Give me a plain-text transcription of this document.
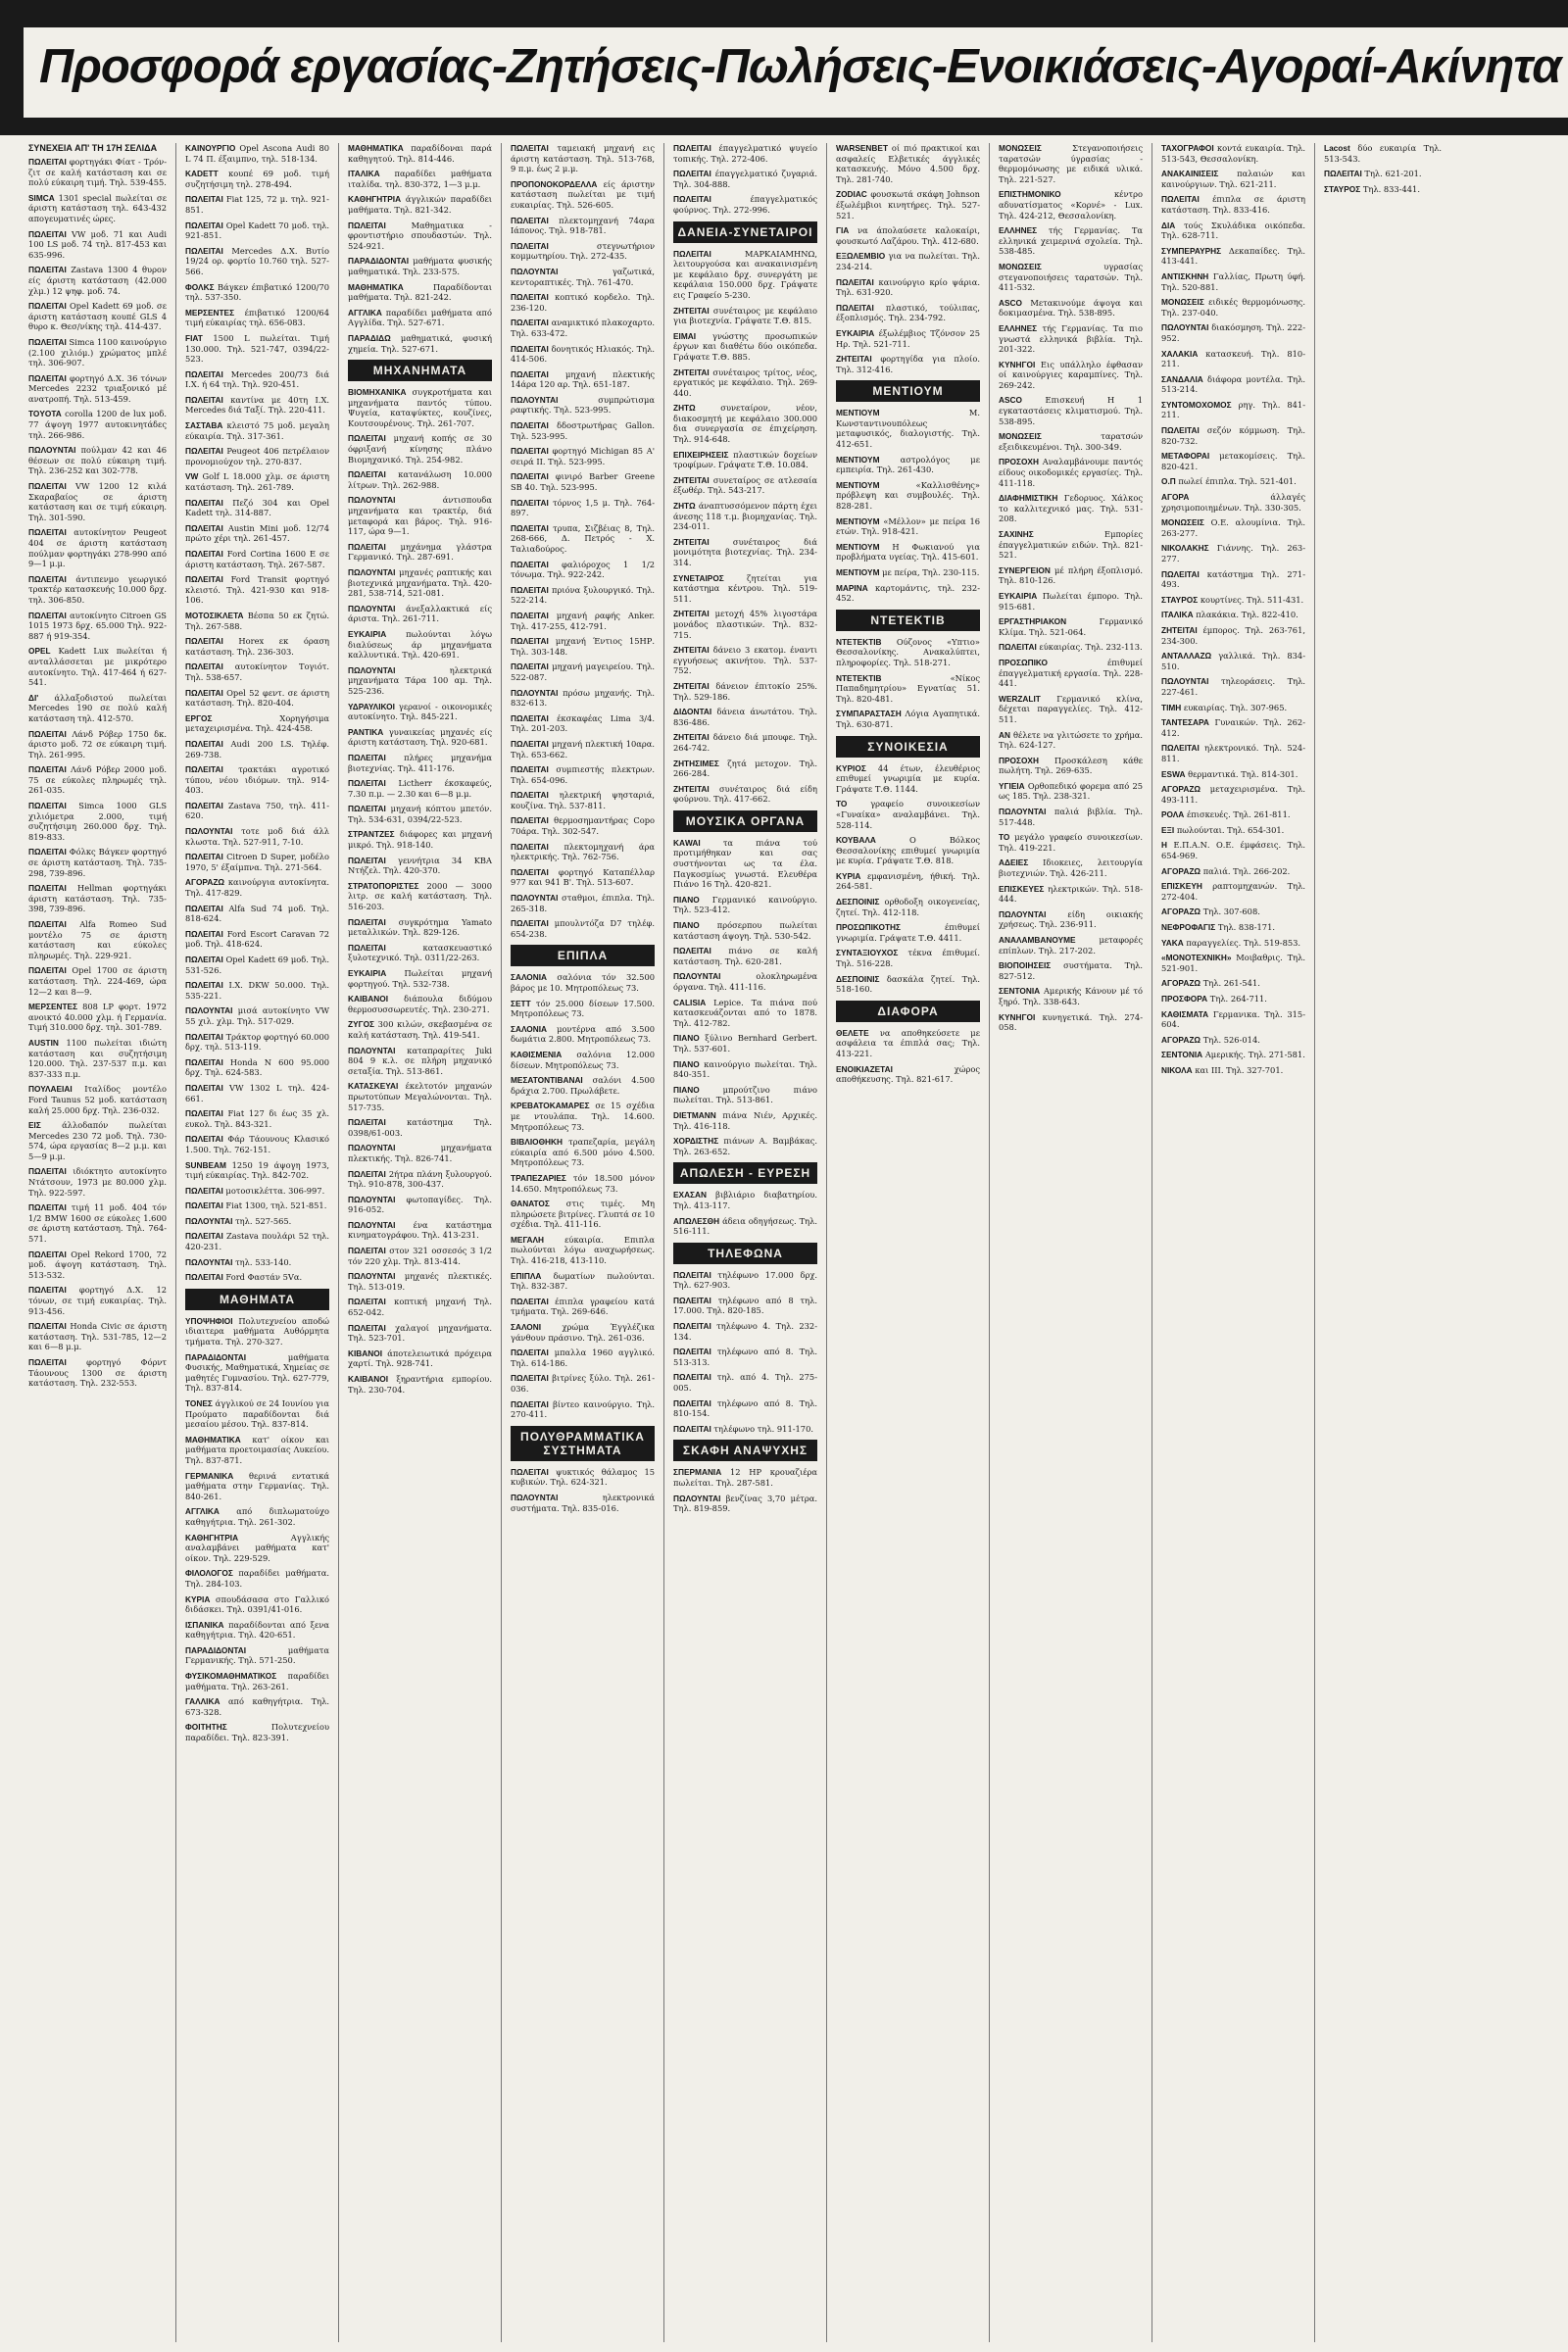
Προσφορά εργασίας-Ζητήσεις-Πωλήσεις-Ενοικιάσεις-Αγοραί-Ακίνητα
ΣΥΝΕΧΕΙΑ ΑΠ' ΤΗ 17Η ΣΕΛΙΔΑ

ΠΩΛΕΙΤΑΙ φορτηγάκι Φίατ - Τρόν-ζιτ σε καλή κατάσταση και σε πολύ εύκαιρη τιμή. Τηλ. 539-455.

SIMCA 1301 special πωλείται σε άριστη κατάσταση τηλ. 643-432 απογευματινές ώρες.

ΠΩΛΕΙΤΑΙ VW μοδ. 71 και Audi 100 LS μοδ. 74 τηλ. 817-453 και 635-996.

ΠΩΛΕΙΤΑΙ Zastava 1300 4 θυρον είς άριστη κατάσταση (42.000 χλμ.) 12 ψηφ. μοδ. 74.

ΠΩΛΕΙΤΑΙ Opel Kadett 69 μοδ. σε άριστη κατάσταση κουπέ GLS 4 θυρο κ. Θεσ/νίκης τηλ. 414-437.

ΠΩΛΕΙΤΑΙ Simca 1100 καινούργιο (2.100 χιλιόμ.) χρώματος μπλέ τηλ. 306-907.

ΠΩΛΕΙΤΑΙ φορτηγό Δ.Χ. 36 τόνων Mercedes 2232 τριαξονικό μέ ανατροπή. Τηλ. 513-459.

TOYOTA corolla 1200 de lux μοδ. 77 άψογη 1977 αυτοκινητάδες τηλ. 266-986.

ΠΩΛΟΥΝΤΑΙ πούλμαν 42 και 46 θέσεων σε πολύ εύκαιρη τιμή. Τηλ. 236-252 και 302-778.

ΠΩΛΕΙΤΑΙ VW 1200 12 κιλά Σκαραβαίος σε άριστη κατάσταση και σε τιμή εύκαιρη. Τηλ. 301-590.

ΠΩΛΕΙΤΑΙ αυτοκίνητον Peugeot 404 σε άριστη κατάσταση πούλμαν φορτηγάκι 278-990 από 9—1 μ.μ.

ΠΩΛΕΙΤΑΙ άντιπενμο γεωργικό τρακτέρ κατασκευής 10.000 δρχ. τηλ. 306-850.

ΠΩΛΕΙΤΑΙ αυτοκίνητο Citroen GS 1015 1973 δρχ. 65.000 Τηλ. 922-887 ή 919-354.

OPEL Kadett Lux πωλείται ή ανταλλάσσεται με μικρότερο αυτοκίνητο. Τηλ. 417-464 ή 627-541.

ΔΙ' άλλαξοδιστού πωλείται Mercedes 190 σε πολύ καλή κατάσταση τηλ. 412-570.

ΠΩΛΕΙΤΑΙ Λάνδ Ρόβερ 1750 δκ. άριστο μοδ. 72 σε εύκαιρη τιμή. Τηλ. 261-995.

ΠΩΛΕΙΤΑΙ Λάνδ Ρόβερ 2000 μοδ. 75 σε εύκολες πληρωμές τηλ. 261-035.

ΠΩΛΕΙΤΑΙ Simca 1000 GLS χιλιόμετρα 2.000, τιμή συζητήσιμη 260.000 δρχ. Τηλ. 819-833.

ΠΩΛΕΙΤΑΙ Φόλκς Βάγκεν φορτηγό σε άριστη κατάσταση. Τηλ. 735-298, 739-896.

ΠΩΛΕΙΤΑΙ Hellman φορτηγάκι άριστη κατάσταση. Τηλ. 735-398, 739-896.

ΠΩΛΕΙΤΑΙ Alfa Romeo Sud μοντέλο 75 σε άριστη κατάσταση και εύκολες πληρωμές. Τηλ. 229-921.

ΠΩΛΕΙΤΑΙ Opel 1700 σε άριστη κατάσταση. Τηλ. 224-469, ώρα 12—2 και 8—9.

ΜΕΡΣΕΝΤΕΣ 808 LP φορτ. 1972 ανοικτό 40.000 χλμ. ή Γερμανία. Τιμή 310.000 δρχ. τηλ. 301-789.

AUSTIN 1100 πωλείται ιδιώτη κατάσταση και συζητήσιμη 120.000. Τηλ. 237-537 π.μ. και 837-333 π.μ.

ΠΟΥΛΑΕΙΑΙ Ιταλίδος μοντέλο Ford Taunus 52 μοδ. κατάσταση καλή 25.000 δρχ. Τηλ. 236-032.

ΕΙΣ	άλλοδαπόν πωλείται Mercedes 230 72 μοδ. Τηλ. 730-574, ώρα εργασίας 8—2 μ.μ. και 5—9 μ.μ.

ΠΩΛΕΙΤΑΙ ιδιόκτητο αυτοκίνητο Ντάτσουν, 1973 με 80.000 χλμ. Τηλ. 922-597.

ΠΩΛΕΙΤΑΙ τιμή 11 μοδ. 404 τόν 1/2 BMW 1600 σε εύκολες 1.600 σε άριστη κατάσταση. Τηλ. 764-571.

ΠΩΛΕΙΤΑΙ Opel Rekord 1700, 72 μοδ. άψογη κατάσταση. Τηλ. 513-532.

ΠΩΛΕΙΤΑΙ φορτηγό Δ.Χ. 12 τόνων, σε τιμή ευκαιρίας. Τηλ. 913-456.

ΠΩΛΕΙΤΑΙ Honda Civic σε άριστη κατάσταση. Τηλ. 531-785, 12—2 και 6—8 μ.μ.

ΠΩΛΕΙΤΑΙ φορτηγό Φόρντ Τάουνους 1300 σε άριστη κατάσταση. Τηλ. 232-553.

ΚΑΙΝΟΥΡΓΙΟ Opel Ascona Audi 80 L 74 Π. έξαιμπνο, τηλ. 518-134.

KADETT κουπέ 69 μοδ. τιμή συζητήσιμη τηλ. 278-494.

ΠΩΛΕΙΤΑΙ Fiat 125, 72 μ. τηλ. 921-851.

ΠΩΛΕΙΤΑΙ Opel Kadett 70 μοδ. τηλ. 921-851.

ΠΩΛΕΙΤΑΙ Mercedes Δ.Χ. Βυτίο 19/24 ορ. φορτίο 10.760 τηλ. 527-566.

ΦΟΛΚΣ Βάγκεν έπιβατικό 1200/70 τηλ. 537-350.

ΜΕΡΣΕΝΤΕΣ έπιβατικό 1200/64 τιμή εύκαιρίας τηλ. 656-083.

FIAT 1500 L πωλείται. Τιμή 130.000. Τηλ. 521-747, 0394/22-523.

ΠΩΛΕΙΤΑΙ Mercedes 200/73 διά Ι.Χ. ή 64 τηλ. Τηλ. 920-451.

ΠΩΛΕΙΤΑΙ καντίνα με 40τη Ι.Χ. Mercedes διά Ταξί. Τηλ. 220-411.

ΣΑΣΤΑΒΑ κλειστό 75 μοδ. μεγαλη εύκαιρία. Τηλ. 317-361.

ΠΩΛΕΙΤΑΙ Peugeot 406 πετρέλαιον προνομιούχον τηλ. 270-837.

VW Golf L 18.000 χλμ. σε άριστη κατάσταση. Τηλ. 261-789.

ΠΩΛΕΙΤΑΙ Πεζό 304 και Opel Kadett τηλ. 314-887.

ΠΩΛΕΙΤΑΙ Austin Mini μοδ. 12/74 πρώτο χέρι τηλ. 261-457.

ΠΩΛΕΙΤΑΙ Ford Cortina 1600 E σε άριστη κατάσταση. Τηλ. 267-587.

ΠΩΛΕΙΤΑΙ Ford Transit φορτηγό κλειστό. Τηλ. 421-930 και 918-106.

ΜΟΤΟΣΙΚΛΕΤΑ Βέσπα 50 εκ ζητώ. Τηλ. 267-588.

ΠΩΛΕΙΤΑΙ Horex εκ όραση κατάσταση. Τηλ. 236-303.

ΠΩΛΕΙΤΑΙ αυτοκίνητον Τογιότ. Τηλ. 538-657.

ΠΩΛΕΙΤΑΙ Opel 52 φεντ. σε άριστη κατάσταση. Τηλ. 820-404.

ΕΡΓΟΣ	Χορηγήσιμα μεταχειρισμένα. Τηλ. 424-458.

ΠΩΛΕΙΤΑΙ Audi 200 LS. Τηλέφ. 269-738.

ΠΩΛΕΙΤΑΙ τρακτάκι αγροτικό τύπου, νέου ιδιόμων. τηλ. 914-403.

ΠΩΛΕΙΤΑΙ Zastava 750, τηλ. 411-620.

ΠΩΛΟΥΝΤΑΙ τοτε μοδ διά άλλ κλωστα. Τηλ. 527-911, 7-10.

ΠΩΛΕΙΤΑΙ Citroen D Super, μοδέλο 1970, 5' έξαίμπνα. Τηλ. 271-564.

ΑΓΟΡΑΖΩ καινούργια αυτοκίνητα. Τηλ. 417-829.

ΠΩΛΕΙΤΑΙ Alfa Sud 74 μοδ. Τηλ. 818-624.

ΠΩΛΕΙΤΑΙ Ford Escort Caravan 72 μοδ. Τηλ. 418-624.

ΠΩΛΕΙΤΑΙ Opel Kadett 69 μοδ. Τηλ. 531-526.

ΠΩΛΕΙΤΑΙ Ι.Χ. DKW 50.000. Τηλ. 535-221.

ΠΩΛΟΥΝΤΑΙ μισά αυτοκίνητο VW 55 χιλ. χλμ. Τηλ. 517-029.

ΠΩΛΕΙΤΑΙ Τράκτορ φορτηγό 60.000 δρχ. τηλ. 513-119.

ΠΩΛΕΙΤΑΙ Honda N 600 95.000 δρχ. Τηλ. 624-583.

ΠΩΛΕΙΤΑΙ VW 1302 L τηλ. 424-661.

ΠΩΛΕΙΤΑΙ Fiat 127 δι έως 35 χλ. ευκολ. Τηλ. 843-321.

ΠΩΛΕΙΤΑΙ Φάρ Τάουνους Κλασικό 1.500. Τηλ. 762-151.

SUNBEAM 1250 19 άψογη 1973, τιμή εύκαιρίας. Τηλ. 842-702.

ΠΩΛΕΙΤΑΙ μοτοσικλέττα. 306-997.

ΠΩΛΕΙΤΑΙ Fiat 1300, τηλ. 521-851.

ΠΩΛΟΥΝΤΑΙ τηλ. 527-565.

ΠΩΛΕΙΤΑΙ Zastava πουλάρι 52 τηλ. 420-231.

ΠΩΛΟΥΝΤΑΙ τηλ. 533-140.

ΠΩΛΕΙΤΑΙ Ford Φαστάν 5Vα.

ΜΑΘΗΜΑΤΑ

ΥΠΟΨΗΦΙΟΙ Πολυτεχνείου αποδώ ιδιαιτερα μαθήματα Αυθόρμητα τμήματα. Τηλ. 270-327.

ΠΑΡΑΔΙΔΟΝΤΑΙ	μαθήματα Φυσικής, Μαθηματικά, Χημείας σε μαθητές Γυμνασίου. Τηλ. 627-779, Τηλ. 837-814.

ΤΟΝΕΣ άγγλικού σε 24 Ιουνίου για Προύματο παραδίδονται διά μεσαίου μέσου. Τηλ. 837-814.

ΜΑΘΗΜΑΤΙΚΑ κατ' οίκον και μαθήματα προετοιμασίας Λυκείου. Τηλ. 837-871.

ΓΕΡΜΑΝΙΚΑ θερινά εντατικά μαθήματα στην Γερμανίας. Τηλ. 840-261.

ΑΓΓΛΙΚΑ από διπλωματούχο καθηγήτρια. Τηλ. 261-302.

ΚΑΘΗΓΗΤΡΙΑ	Αγγλικής αναλαμβάνει μαθήματα κατ' οίκον. Τηλ. 229-529.

ΦΙΛΟΛΟΓΟΣ παραδίδει μαθήματα. Τηλ. 284-103.

ΚΥΡΙΑ σπουδάσασα στο Γαλλικό διδάσκει. Τηλ. 0391/41-016.

ΙΣΠΑΝΙΚΑ παραδίδονται από ξενα καθηγήτρια. Τηλ. 420-651.

ΠΑΡΑΔΙΔΟΝΤΑΙ	μαθήματα Γερμανικής. Τηλ. 571-250.

ΦΥΣΙΚΟΜΑΘΗΜΑΤΙΚΟΣ παραδίδει μαθήματα. Τηλ. 263-261.

ΓΑΛΛΙΚΑ από καθηγήτρια. Τηλ. 673-328.

ΦΟΙΤΗΤΗΣ	Πολυτεχνείου παραδίδει. Τηλ. 823-391.

ΜΑΘΗΜΑΤΙΚΑ παραδίδοναι παρά καθηγητού. Τηλ. 814-446.

ΙΤΑΛΙΚΑ παραδίδει μαθήματα ιταλίδα. τηλ. 830-372, 1—3 μ.μ.

ΚΑΘΗΓΗΤΡΙΑ άγγλικών παραδίδει μαθήματα. Τηλ. 821-342.

ΠΩΛΕΙΤΑΙ	Μαθηματικα - φροντιστήριο σπουδαστών. Τηλ. 524-921.

ΠΑΡΑΔΙΔΟΝΤΑΙ μαθήματα φυσικής μαθηματικά. Τηλ. 233-575.

ΜΑΘΗΜΑΤΙΚΑ	Παραδίδονται μαθήματα. Τηλ. 821-242.

ΑΓΓΛΙΚΑ παραδίδει μαθήματα από Αγγλίδα. Τηλ. 527-671.

ΠΑΡΑΔΙΔΩ μαθηματικά, φυσική χημεία. Τηλ. 527-671.

ΜΗΧΑΝΗΜΑΤΑ

ΒΙΟΜΗΧΑΝΙΚΑ συγκροτήματα και μηχανήματα παντός τύπου. Ψυγεία, καταψύκτες, κουζίνες, Κουτσουρένους. Τηλ. 261-707.

ΠΩΛΕΙΤΑΙ μηχανή κοπής σε 30 όφριξανή κίνησης πλάνο Βιομηχανικό. Τηλ. 254-982.

ΠΩΛΕΙΤΑΙ κατανάλωση 10.000 λίτρων. Τηλ. 262-988.

ΠΩΛΟΥΝΤΑΙ	άντισπουδα μηχανήματα και τρακτέρ, διά μεταφορά και βάρος. Τηλ. 916-117, ώρα 9—1.

ΠΩΛΕΙΤΑΙ μηχάνημα γλάστρα Γερμανικό. Τηλ. 287-691.

ΠΩΛΟΥΝΤΑΙ μηχανές ραπτικής και βιοτεχνικά μηχανήματα. Τηλ. 420-281, 538-714, 521-081.

ΠΩΛΟΥΝΤΑΙ άνεξαλλακτικά είς άριστα. Τηλ. 261-711.

ΕΥΚΑΙΡΙΑ πωλούνται λόγω διαλύσεως άρ μηχανήματα καλλυντικά. Τηλ. 420-691.

ΠΩΛΟΥΝΤΑΙ	ηλεκτρικά μηχανήματα Τάρα 100 αμ. Τηλ. 525-236.

ΥΔΡΑΥΛΙΚΟΙ γερανοί - οικονομικές αυτοκίνητο. Τηλ. 845-221.

ΡΑΝΤΙΚΑ γυναικείας μηχανές είς άριστη κατάσταση. Τηλ. 920-681.

ΠΩΛΕΙΤΑΙ πλήρες μηχανήμα βιοτεχνίας. Τηλ. 411-176.

ΠΩΛΕΙΤΑΙ Lictherr έκσκαφεύς, 7.30 π.μ. — 2.30 και 6—8 μ.μ.

ΠΩΛΕΙΤΑΙ μηχανή κόπτου μπετόν. Τηλ. 534-631, 0394/22-523.

ΣΤΡΑΝΤΖΕΣ διάφορες και μηχανή μικρό. Τηλ. 918-140.

ΠΩΛΕΙΤΑΙ γεννήτρια 34 ΚΒΑ Ντήζελ. Τηλ. 420-370.

ΣΤΡΑΤΟΠΟΡΙΣΤΕΣ 2000 — 3000 λιτρ. σε καλή κατάσταση. Τηλ. 516-203.

ΠΩΛΕΙΤΑΙ συγκρότημα Yamato μεταλλικών. Τηλ. 829-126.

ΠΩΛΕΙΤΑΙ	κατασκευαστικό ξυλοτεχνικό. Τηλ. 0311/22-263.

ΕΥΚΑΙΡΙΑ Πωλείται μηχανή φορτηγού. Τηλ. 532-738.

ΚΑΙΒΑΝΟΙ διάπουλα διδύμου θερμοσυσσωρευτές. Τηλ. 230-271.

ΖΥΓΟΣ 300 κιλών, σκεβασμένα σε καλή κατάσταση. Τηλ. 419-541.

ΠΩΛΟΥΝΤΑΙ καταπραρίτες Juki 804 9 κ.λ. σε πλήρη μηχανικό σεταξία. Τηλ. 513-861.

ΚΑΤΑΣΚΕΥΑΙ έκελτοτόν μηχανών πρωτοτύπων Μεγαλώνονται. Τηλ. 517-735.

ΠΩΛΕΙΤΑΙ	κατάστημα Τηλ. 0398/61-003.

ΠΩΛΟΥΝΤΑΙ	μηχανήματα πλεκτικής. Τηλ. 826-741.

ΠΩΛΕΙΤΑΙ 2ήτρα πλάνη ξυλουργού. Τηλ. 910-878, 300-437.

ΠΩΛΟΥΝΤΑΙ φωτοπαγίδες. Τηλ. 916-052.

ΠΩΛΟΥΝΤΑΙ ένα κατάστημα κινηματογράφου. Τηλ. 413-231.

ΠΩΛΕΙΤΑΙ στον 321 οσσεσός 3 1/2 τόν 220 χλμ. Τηλ. 813-414.

ΠΩΛΟΥΝΤΑΙ μηχανές πλεκτικές. Τηλ. 513-019.

ΠΩΛΕΙΤΑΙ κοπτική μηχανή Τηλ. 652-042.

ΠΩΛΕΙΤΑΙ χαλαγοί μηχανήματα. Τηλ. 523-701.

ΚΙΒΑΝΟΙ άποτελειωτικά πρόχειρα χαρτί. Τηλ. 928-741.

ΚΑΙΒΑΝΟΙ ξηραντήρια εμπορίου. Τηλ. 230-704.

ΠΩΛΕΙΤΑΙ ταμειακή μηχανή εις άριστη κατάσταση. Τηλ. 513-768, 9 π.μ. έως 2 μ.μ.

ΠΡΟΠΟΝΟΚΟΡΔΕΛΛΑ είς άριστην κατάσταση πωλείται με τιμή ευκαιρίας. Τηλ. 526-605.

ΠΩΛΕΙΤΑΙ πλεκτομηχανή 74αρα Ιάπονος. Τηλ. 918-781.

ΠΩΛΕΙΤΑΙ	στεγνωτήριον κομμωτηρίου. Τηλ. 272-435.

ΠΩΛΟΥΝΤΑΙ	γαζωτικά, κεντοραπτικές. Τηλ. 761-470.

ΠΩΛΕΙΤΑΙ κοπτικό κορδελο. Τηλ. 236-120.

ΠΩΛΕΙΤΑΙ αναμικτικό πλακοχαρτο. Τηλ. 633-472.

ΠΩΛΕΙΤΑΙ δονητικός Ηλιακός. Τηλ. 414-506.

ΠΩΛΕΙΤΑΙ μηχανή πλεκτικής 14άρα 120 αρ. Τηλ. 651-187.

ΠΩΛΟΥΝΤΑΙ	συμπρώτισμα ραφτικής. Τηλ. 523-995.

ΠΩΛΕΙΤΑΙ δδοστρωτήρας Gallon. Τηλ. 523-995.

ΠΩΛΕΙΤΑΙ φορτηγό Michigan 85 Α' σειρά ΙΙ. Τηλ. 523-995.

ΠΩΛΕΙΤΑΙ φινιρό Barber Greene SB 40. Τηλ. 523-995.

ΠΩΛΕΙΤΑΙ τόρνος 1,5 μ. Τηλ. 764-897.

ΠΩΛΕΙΤΑΙ τρυπα, Σιζβέιας 8, Τηλ. 268-666, Δ. Πετρός - Χ. Ταλιαδούρος.

ΠΩΛΕΙΤΑΙ φαλιόροχος 1 1/2 τόνωμα. Τηλ. 922-242.

ΠΩΛΕΙΤΑΙ πριόνα ξυλουργικό. Τηλ. 522-214.

ΠΩΛΕΙΤΑΙ μηχανή ραφής Anker. Τηλ. 417-255, 412-791.

ΠΩΛΕΙΤΑΙ μηχανή Έντιος 15ΗΡ. Τηλ. 303-148.

ΠΩΛΕΙΤΑΙ μηχανή μαγειρείου. Τηλ. 522-087.

ΠΩΛΟΥΝΤΑΙ πρόσω μηχανής. Τηλ. 832-613.

ΠΩΛΕΙΤΑΙ έκσκαφέας Lima 3/4. Τηλ. 201-203.

ΠΩΛΕΙΤΑΙ μηχανή πλεκτική 10αρα. Τηλ. 653-662.

ΠΩΛΕΙΤΑΙ συμπιεστής πλεκτρων. Τηλ. 654-096.

ΠΩΛΕΙΤΑΙ ηλεκτρική ψησταριά, κουζίνα. Τηλ. 537-811.

ΠΩΛΕΙΤΑΙ θερμοσημαντήρας Copo 70άρα. Τηλ. 302-547.

ΠΩΛΕΙΤΑΙ πλεκτομηχανή άρα ηλεκτρικής. Τηλ. 762-756.

ΠΩΛΕΙΤΑΙ φορτηγό Καταπέλλαρ 977 και 941 Β'. Τηλ. 513-607.

ΠΩΛΟΥΝΤΑΙ σταθμοι, έπιπλα. Τηλ. 265-318.

ΠΩΛΕΙΤΑΙ μπουλντόζα D7 τηλέφ. 654-238.

ΕΠΙΠΛΑ

ΣΑΛΟΝΙΑ σαλόνια τόν 32.500 βάρος με 10. Μητροπόλεως 73.

ΣΕΤΤ τόν 25.000 δίσεων 17.500. Μητροπόλεως 73.

ΣΑΛΟΝΙΑ μοντέρνα από 3.500 δωμάτια 2.800. Μητροπόλεως 73.

ΚΑΘΙΣΜΕΝΙΑ σαλόνια 12.000 δίσεων. Μητροπόλεως 73.

ΜΕΣΑΤΟΝΤΙΒΑΝΑΙ σαλόνι 4.500 δράχια 2.700. Πρωλάβετε.

ΚΡΕΒΑΤΟΚΑΜΑΡΕΣ σε 15 σχέδια με ντουλάπα. Τηλ. 14.600. Μητροπόλεως 73.

ΒΙΒΛΙΟΘΗΚΗ τραπεζαρία, μεγάλη εύκαιρία από 6.500 μόνο 4.500. Μητροπόλεως 73.

ΤΡΑΠΕΖΑΡΙΕΣ τόν 18.500 μόνον 14.650. Μητροπόλεως 73.

ΘΑΝΑΤΟΣ στις τιμές. Μη πληρώσετε βιτρίνες. Γλυπτά σε 10 σχέδια. Τηλ. 411-116.

ΜΕΓΑΛΗ	εύκαιρία. Επιπλα πωλούνται λόγω αναχωρήσεως. Τηλ. 416-218, 413-110.

ΕΠΙΠΛΑ δωματίων πωλούνται. Τηλ. 832-387.

ΠΩΛΕΙΤΑΙ έπιπλα γραφείου κατά τμήματα. Τηλ. 269-646.

ΣΑΛΟΝΙ	χρώμα Έγγλέζικα γάνθουν πράσινο. Τηλ. 261-036.

ΠΩΛΕΙΤΑΙ μπαλλα 1960 αγγλικό. Τηλ. 614-186.

ΠΩΛΕΙΤΑΙ βιτρίνες ξύλο. Τηλ. 261-036.

ΠΩΛΕΙΤΑΙ βίντεο καινούργιο. Τηλ. 270-411.

ΠΟΛΥΘΡΑΜΜΑΤΙΚΑ ΣΥΣΤΗΜΑΤΑ

ΠΩΛΕΙΤΑΙ ψυκτικός θάλαμος 15 κυβικών. Τηλ. 624-321.

ΠΩΛΟΥΝΤΑΙ	ηλεκτρονικά συστήματα. Τηλ. 835-016.

ΠΩΛΕΙΤΑΙ έπαγγελματικό ψυγείο τοπικής. Τηλ. 272-406.

ΠΩΛΕΙΤΑΙ έπαγγελματικό ζυγαριά. Τηλ. 304-888.

ΠΩΛΕΙΤΑΙ	έπαγγελματικός φούρνος. Τηλ. 272-996.

ΔΑΝΕΙΑ-ΣΥΝΕΤΑΙΡΟΙ

ΠΩΛΕΙΤΑΙ	ΜΑΡΚΑΙΑΜΗΝΩ, λειτουργούσα και ανακαινισμένη με κεφάλαιο δρχ. συνεργάτη με κεφάλαια 150.000 δρχ. Γράψατε εις Γραφείο 5-230.

ΖΗΤΕΙΤΑΙ συνέταιρος με κεφάλαιο για βιοτεχνία. Γράψατε Τ.Θ. 815.

ΕΙΜΑΙ γνώστης προσωπικών έργων και διαθέτω δύο οικόπεδα. Γράψατε Τ.Θ. 885.

ΖΗΤΕΙΤΑΙ συνέταιρος τρίτος, νέος, εργατικός με κεφάλαιο. Τηλ. 269-440.

ΖΗΤΩ	συνεταίρον, νέον, διακοσμητή με κεφάλαιο 300.000 δια συνεργασία σε έπιχείρηση. Τηλ. 914-648.

ΕΠΙΧΕΙΡΗΣΕΙΣ πλαστικών δοχείων τροφίμων. Γράψατε Τ.Θ. 10.084.

ΖΗΤΕΙΤΑΙ συνεταίρος σε ατλεσαία έξωθέρ. Τηλ. 543-217.

ΖΗΤΩ άναπτυσσόμενον πάρτη έχει άνεσης 118 τ.μ. βιομηχανίας. Τηλ. 234-011.

ΖΗΤΕΙΤΑΙ	συνέταιρος διά μονιμότητα βιοτεχνίας. Τηλ. 234-314.

ΣΥΝΕΤΑΙΡΟΣ	ζητείται για κατάστημα κέντρου. Τηλ. 519-511.

ΖΗΤΕΙΤΑΙ μετοχή 45% λιγοστάρα μονάδος πλαστικών. Τηλ. 832-715.

ΖΗΤΕΙΤΑΙ δάνειο 3 εκατομ. έναντι εγγυήσεως ακινήτου. Τηλ. 537-752.

ΖΗΤΕΙΤΑΙ δάνειον έπιτοκίο 25%. Τηλ. 529-186.

ΔΙΔΟΝΤΑΙ δάνεια άνωτάτου. Τηλ. 836-486.

ΖΗΤΕΙΤΑΙ δάνειο διά μπουφε. Τηλ. 264-742.

ΖΗΤΗΣΙΜΕΣ ζητά μετοχον. Τηλ. 266-284.

ΖΗΤΕΙΤΑΙ συνέταιρος διά είδη φούρνου. Τηλ. 417-662.

ΜΟΥΣΙΚΑ ΟΡΓΑΝΑ

ΚΑWAI	τα πιάνα τού προτιμήθηκαν και σας συστήνονται ως τα έλα. Παγκοσμίως γνωστά. Ελευθέρα Πιάνο 16 Τηλ. 420-821.

ΠΙΑΝΟ Γερμανικό καινούργιο. Τηλ. 523-412.

ΠΙΑΝΟ πρόσερπου πωλείται κατάσταση άψογη. Τηλ. 530-542.

ΠΩΛΕΙΤΑΙ πιάνο σε καλή κατάσταση. Τηλ. 620-281.

ΠΩΛΟΥΝΤΑΙ	ολοκληρωμένα όργανα. Τηλ. 411-116.

CALISIA Lepice. Τα πιάνα πού κατασκευάζονται από το 1878. Τηλ. 412-782.

ΠΙΑΝΟ ξύλινο Bernhard Gerbert. Τηλ. 537-601.

ΠΙΑΝΟ καινούργιο πωλείται. Τηλ. 840-351.

ΠΙΑΝΟ	μπρούτζινο πιάνο πωλείται. Τηλ. 513-861.

DIETMANN πιάνα Νιέν, Αρχικές. Τηλ. 416-118.

ΧΟΡΔΙΣΤΗΣ πιάνων Α. Βαμβάκας. Τηλ. 263-652.

ΑΠΩΛΕΣΗ - ΕΥΡΕΣΗ

ΕΧΑΣΑΝ βιβλιάριο διαβατηρίου. Τηλ. 413-117.

ΑΠΩΛΕΣΘΗ άδεια οδηγήσεως. Τηλ. 516-111.

ΤΗΛΕΦΩΝΑ

ΠΩΛΕΙΤΑΙ τηλέφωνο 17.000 δρχ. Τηλ. 627-903.

ΠΩΛΕΙΤΑΙ τηλέφωνο από 8 τηλ. 17.000. Τηλ. 820-185.

ΠΩΛΕΙΤΑΙ τηλέφωνο 4. Τηλ. 232-134.

ΠΩΛΕΙΤΑΙ τηλέφωνο από 8. Τηλ. 513-313.

ΠΩΛΕΙΤΑΙ τηλ. από 4. Τηλ. 275-005.

ΠΩΛΕΙΤΑΙ τηλέφωνο από 8. Τηλ. 810-154.

ΠΩΛΕΙΤΑΙ τηλέφωνο τηλ. 911-170.

ΣΚΑΦΗ ΑΝΑΨΥΧΗΣ

ΣΠΕΡΜΑΝΙΑ 12 ΗΡ κρουαζιέρα πωλείται. Τηλ. 287-581.

ΠΩΛΟΥΝΤΑΙ βενζίνας 3,70 μέτρα. Τηλ. 819-859.

WARSENBET οί πιό πρακτικοί και ασφαλείς Ελβετικές άγγλικές κατασκευής. Μόνο 4.500 δρχ. Τηλ. 281-740.

ZODIAC φουσκωτά σκάφη Johnson έξωλέμβιοι κινητήρες. Τηλ. 527-521.

ΓΙΑ να άπολαύσετε καλοκαίρι, φουσκωτό Λαζάρου. Τηλ. 412-680.

ΕΞΩΛΕΜΒΙΟ για να πωλείται. Τηλ. 234-214.

ΠΩΛΕΙΤΑΙ καινούργιο κρίο ψάρια. Τηλ. 631-920.

ΠΩΛΕΙΤΑΙ πλαστικό, τούλιπας, έξοπλισμός. Τηλ. 234-792.

ΕΥΚΑΙΡΙΑ έξωλέμβιος Τζόνσον 25 Ηρ. Τηλ. 521-711.

ΖΗΤΕΙΤΑΙ φορτηγίδα για πλοίο. Τηλ. 312-416.

ΜΕΝΤΙΟΥΜ

ΜΕΝΤΙΟΥΜ	Μ. Κωνσταντινουπόλεως μεταφυσικός, διαλογιστής. Τηλ. 412-651.

ΜΕΝΤΙΟΥΜ	αστρολόγος με εμπειρία. Τηλ. 261-430.

ΜΕΝΤΙΟΥΜ	«Καλλισθένης» πρόβλεψη και συμβουλές. Τηλ. 828-281.

ΜΕΝΤΙΟΥΜ «Μέλλον» με πείρα 16 ετών. Τηλ. 918-421.

ΜΕΝΤΙΟΥΜ Η Φωκιανού για προβλήματα υγείας. Τηλ. 415-601.

ΜΕΝΤΙΟΥΜ με πείρα, Τηλ. 230-115.

ΜΑΡΙΝΑ καρτομάντις, τηλ. 232-452.

ΝΤΕΤΕΚΤΙΒ

ΝΤΕΤΕΚΤΙΒ Ούζονος «Υπτιο» Θεσσαλονίκης. Ανακαλύπτει, πληροφορίες. Τηλ. 518-271.

ΝΤΕΤΕΚΤΙΒ	«Νίκος Παπαδημητρίου» Εγνατίας 51. Τηλ. 820-481.

ΣΥΜΠΑΡΑΣΤΑΣΗ Λόγια Αγαπητικά. Τηλ. 630-871.

ΣΥΝΟΙΚΕΣΙΑ

ΚΥΡΙΟΣ 44 έτων, έλευθέριος επιθυμεί γνωριμία με κυρία. Γράψατε Τ.Θ. 1144.

ΤΟ	γραφείο συνοικεσίων «Γυναίκα» αναλαμβάνει. Τηλ. 528-114.

ΚΟΥΒΑΛΑ	Ο Βόλκος Θεσσαλονίκης επιθυμεί γνωριμία με κυρία. Γράψατε Τ.Θ. 818.

ΚΥΡΙΑ εμφανισμένη, ήθική. Τηλ. 264-581.

ΔΕΣΠΟΙΝΙΣ ορθοδοξη οικογενείας, ζητεί. Τηλ. 412-118.

ΠΡΟΣΩΠΙΚΟΤΗΣ	έπιθυμεί γνωριμία. Γράψατε Τ.Θ. 4411.

ΣΥΝΤΑΞΙΟΥΧΟΣ τέκνα έπιθυμεί. Τηλ. 516-228.

ΔΕΣΠΟΙΝΙΣ δασκάλα ζητεί. Τηλ. 518-160.

ΔΙΑΦΟΡΑ

ΘΕΛΕΤΕ να αποθηκεύσετε με ασφάλεια τα έπιπλά σας; Τηλ. 413-221.

ΕΝΟΙΚΙΑΖΕΤΑΙ	χώρος αποθήκευσης. Τηλ. 821-617.

ΜΟΝΩΣΕΙΣ	Στεγανοποιήσεις ταρατσών ύγρασίας - θερμομόνωσης με ειδικά υλικά. Τηλ. 221-527.

ΕΠΙΣΤΗΜΟΝΙΚΟ	κέντρο αδυνατίσματος «Κορνέ» - Lux. Τηλ. 424-212, Θεσσαλονίκη.

ΕΛΛΗΝΕΣ τής Γερμανίας. Τα ελληνικά χειμερινά σχολεία. Τηλ. 538-485.

ΜΟΝΩΣΕΙΣ	υγρασίας στεγανοποιήσεις ταρατσών. Τηλ. 411-532.

ASCO Μετακινούμε άψογα και δοκιμασμένα. Τηλ. 538-895.

ΕΛΛΗΝΕΣ τής Γερμανίας. Τα πιο γνωστά ελληνικά βιβλία. Τηλ. 201-322.

ΚΥΝΗΓΟΙ Εις υπάλληλο έφθασαν οί καινούργιες καραμπίνες. Τηλ. 269-242.

ΑSCO	Επισκευή Η 1 εγκαταστάσεις κλιματισμού. Τηλ. 538-895.

ΜΟΝΩΣΕΙΣ	ταρατσών εξειδικευμένοι. Τηλ. 300-349.

ΠΡΟΣΟΧΗ Αναλαμβάνουμε παντός είδους οικοδομικές εργασίες. Τηλ. 411-118.

ΔΙΑΦΗΜΙΣΤΙΚΗ Γεδορυος. Χάλκος το καλλιτεχνικό μας. Τηλ. 531-208.

ΣΑΧΙΝΗΣ	Εμπορίες έπαγγελματικών ειδών. Τηλ. 821-521.

ΣΥΝΕΡΓΕΙΟΝ μέ πλήρη έξοπλισμό. Τηλ. 810-126.

ΕΥΚΑΙΡΙΑ Πωλείται έμπορο. Τηλ. 915-681.

ΕΡΓΑΣΤΗΡΙΑΚΟΝ	Γερμανικό Κλίμα. Τηλ. 521-064.

ΠΩΛΕΙΤΑΙ εύκαιρίας. Τηλ. 232-113.

ΠΡΟΣΩΠΙΚΟ	έπιθυμεί έπαγγελματική εργασία. Τηλ. 228-441.

WERZALIT Γερμανικό κλίνα, δέχεται παραγγελίες. Τηλ. 412-511.

ΑΝ θέλετε να γλιτώσετε το χρήμα. Τηλ. 624-127.

ΠΡΟΣΟΧΗ Προσκάλεση κάθε πωλήτη. Τηλ. 269-635.

ΥΓΙΕΙΑ Ορθοπεδικό φορεμα από 25 ως 185. Τηλ. 238-321.

ΠΩΛΟΥΝΤΑΙ παλιά βιβλία. Τηλ. 517-448.

ΤΟ μεγάλο γραφείο συνοικεσίων. Τηλ. 419-221.

ΑΔΕΙΕΣ Ιδιοκειες, λειτουργία βιοτεχνιών. Τηλ. 426-211.

ΕΠΙΣΚΕΥΕΣ ηλεκτρικών. Τηλ. 518-444.

ΠΩΛΟΥΝΤΑΙ	είδη οικιακής χρήσεως. Τηλ. 236-911.

ΑΝΑΛΑΜΒΑΝΟΥΜΕ	μεταφορές επίπλων. Τηλ. 217-202.

ΒΙΟΠΟΙΗΣΕΙΣ συστήματα. Τηλ. 827-512.

ΣΕΝΤΟΝΙΑ Αμερικής Κάνουν μέ τό ξηρό. Τηλ. 338-643.

ΚΥΝΗΓΟΙ κυνηγετικά. Τηλ. 274-058.

ΤΑΧΟΓΡΑΦΟΙ κοντά ευκαιρία. Τηλ. 513-543, Θεσσαλονίκη.

ΑΝΑΚΑΙΝΙΣΕΙΣ παλαιών και καινούργιων. Τηλ. 621-211.

ΠΩΛΕΙΤΑΙ έπιπλα σε άριστη κατάσταση. Τηλ. 833-416.

ΔΙΑ τούς Σκυλάδικα οικόπεδα. Τηλ. 628-711.

ΣΥΜΠΕΡΑΥΡΗΣ Δεκαπαίδες. Τηλ. 413-441.

ΑΝΤΙΣΚΗΝΗ Γαλλίας, Πρωτη ύφή. Τηλ. 520-881.

ΜΟΝΩΣΕΙΣ ειδικές θερμομόνωσης. Τηλ. 237-040.

ΠΩΛΟΥΝΤΑΙ διακόσμηση. Τηλ. 222-952.

ΧΑΛΑΚΙΑ κατασκευή. Τηλ. 810-211.

ΣΑΝΔΑΛΙΑ διάφορα μοντέλα. Τηλ. 513-214.

ΣΥΝΤΟΜΟΧΟΜΟΣ ρηγ. Τηλ. 841-211.

ΠΩΛΕΙΤΑΙ σεζόν κόμμωση. Τηλ. 820-732.

ΜΕΤΑΦΟΡΑΙ μετακομίσεις. Τηλ. 820-421.

Ο.Π πωλεί έπιπλα. Τηλ. 521-401.

ΑΓΟΡΑ	άλλαγές χρησιμοποιημένων. Τηλ. 330-305.

ΜΟΝΩΣΕΙΣ Ο.Ε. αλουμίνια. Τηλ. 263-277.

ΝΙΚΟΛΑΚΗΣ Γιάννης. Τηλ. 263-277.

ΠΩΛΕΙΤΑΙ κατάστημα Τηλ. 271-493.

ΣΤΑΥΡΟΣ κουρτίνες. Τηλ. 511-431.

ΙΤΑΛΙΚΑ πλακάκια. Τηλ. 822-410.

ΖΗΤΕΙΤΑΙ έμπορος. Τηλ. 263-761, 234-300.

ΑΝΤΑΛΛΑΖΩ γαλλικά. Τηλ. 834-510.

ΠΩΛΟΥΝΤΑΙ τηλεοράσεις. Τηλ. 227-461.

ΤΙΜΗ ευκαιρίας. Τηλ. 307-965.

ΤΑΝΤΕΣΑΡΑ Γυναικών. Τηλ. 262-412.

ΠΩΛΕΙΤΑΙ ηλεκτρονικό. Τηλ. 524-811.

ESWA θερμαντικά. Τηλ. 814-301.

ΑΓΟΡΑΖΩ μεταχειρισμένα. Τηλ. 493-111.

ΡΟΛΑ έπισκευές. Τηλ. 261-811.

ΕΞΙ πωλούνται. Τηλ. 654-301.

Η Ε.Π.Α.Ν. Ο.Ε. έμφάσεις. Τηλ. 654-969.

ΑΓΟΡΑΖΩ παλιά. Τηλ. 266-202.

ΕΠΙΣΚΕΥΗ ραπτομηχανών. Τηλ. 272-404.

ΑΓΟΡΑΖΩ Τηλ. 307-608.

ΝΕΦΡΟΦΑΓΙΣ Τηλ. 838-171.

ΥΑΚΑ παραγγελίες. Τηλ. 519-853.

«ΜΟΝΟΤΕΧΝΙΚΗ» Μοιβαθρις. Τηλ. 521-901.

ΑΓΟΡΑΖΩ Τηλ. 261-541.

ΠΡΟΣΦΟΡΑ Τηλ. 264-711.

ΚΑΘΙΣΜΑΤΑ Γερμανικα. Τηλ. 315-604.

ΑΓΟΡΑΖΩ Τηλ. 526-014.

ΣΕΝΤΟΝΙΑ Αμερικής. Τηλ. 271-581.

ΝΙΚΟΛΑ και ΙΙΙ. Τηλ. 327-701.

Lacost δύο ευκαιρία Τηλ. 513-543.

ΠΩΛΕΙΤΑΙ Τηλ. 621-201.

ΣΤΑΥΡΟΣ Τηλ. 833-441.
